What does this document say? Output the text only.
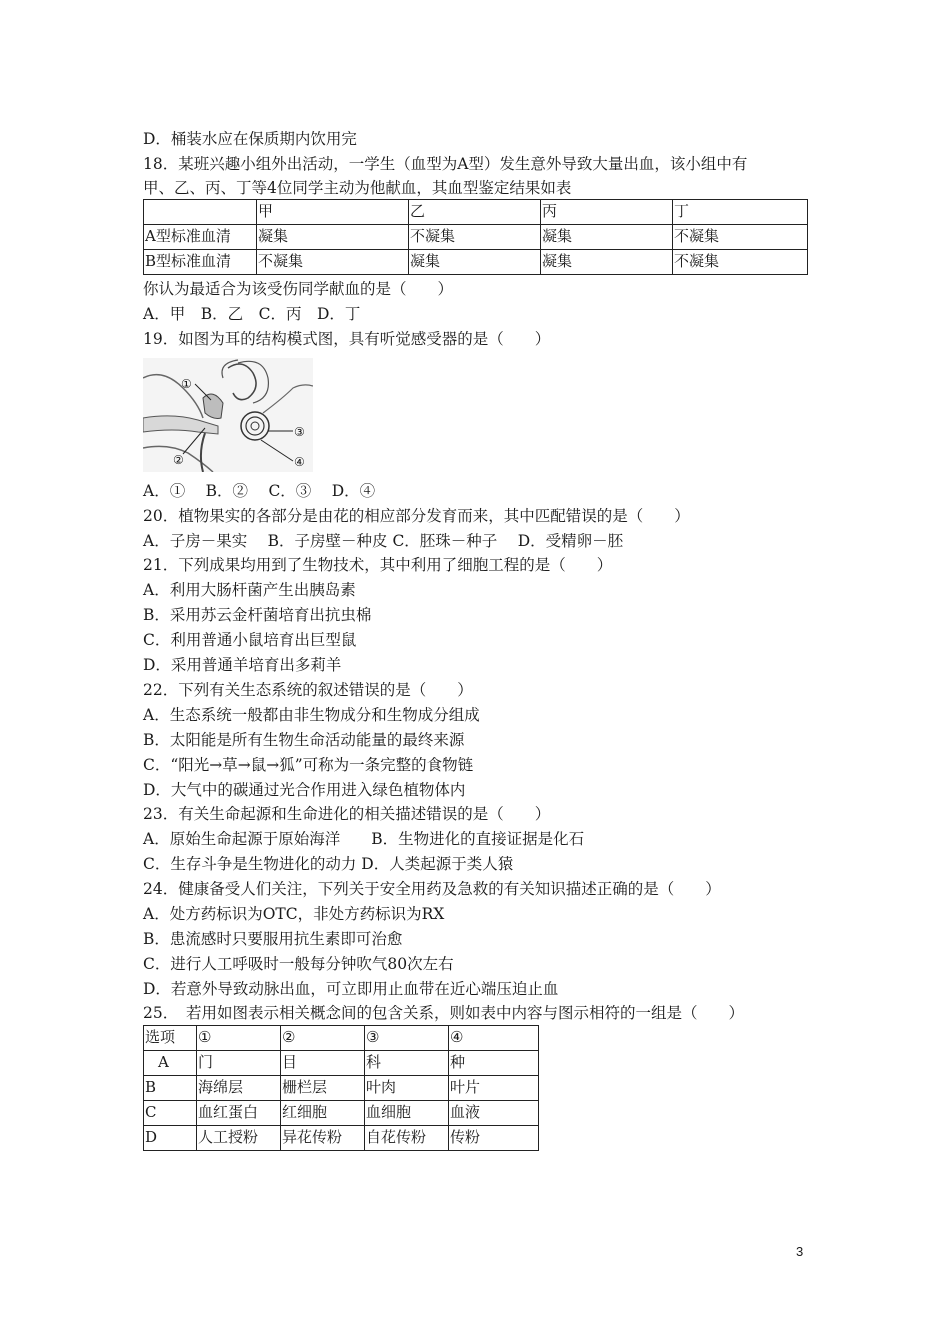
D．桶装水应在保质期内饮用完
18．某班兴趣小组外出活动，一学生（血型为A型）发生意外导致大量出血，该小组中有
甲、乙、丙、丁等4位同学主动为他献血，其血型鉴定结果如表
	甲	乙	丙	丁
A型标准血清	凝集	不凝集	凝集	不凝集
B型标准血清	不凝集	凝集	凝集	不凝集
你认为最适合为该受伤同学献血的是（　　）
A．甲　B．乙　C．丙　D．丁
19．如图为耳的结构模式图，具有听觉感受器的是（　　）
①
②
③
④
A．①　 B．②　 C．③　 D．④
20．植物果实的各部分是由花的相应部分发育而来，其中匹配错误的是（　　）
A．子房－果实　 B．子房壁－种皮 C．胚珠－种子　 D．受精卵－胚
21．下列成果均用到了生物技术，其中利用了细胞工程的是（　　）
A．利用大肠杆菌产生出胰岛素
B．采用苏云金杆菌培育出抗虫棉
C．利用普通小鼠培育出巨型鼠
D．采用普通羊培育出多莉羊
22．下列有关生态系统的叙述错误的是（　　）
A．生态系统一般都由非生物成分和生物成分组成
B．太阳能是所有生物生命活动能量的最终来源
C．“阳光→草→鼠→狐”可称为一条完整的食物链
D．大气中的碳通过光合作用进入绿色植物体内
23．有关生命起源和生命进化的相关描述错误的是（　　）
A．原始生命起源于原始海洋　　B．生物进化的直接证据是化石
C．生存斗争是生物进化的动力 D．人类起源于类人猿
24．健康备受人们关注，下列关于安全用药及急救的有关知识描述正确的是（　　）
A．处方药标识为OTC，非处方药标识为RX
B．患流感时只要服用抗生素即可治愈
C．进行人工呼吸时一般每分钟吹气80次左右
D．若意外导致动脉出血，可立即用止血带在近心端压迫止血
25．　若用如图表示相关概念间的包含关系，则如表中内容与图示相符的一组是（　　）
选项	①	②	③	④
A	门	目	科	种
B	海绵层	栅栏层	叶肉	叶片
C	血红蛋白	红细胞	血细胞	血液
D	人工授粉	异花传粉	自花传粉	传粉
3
